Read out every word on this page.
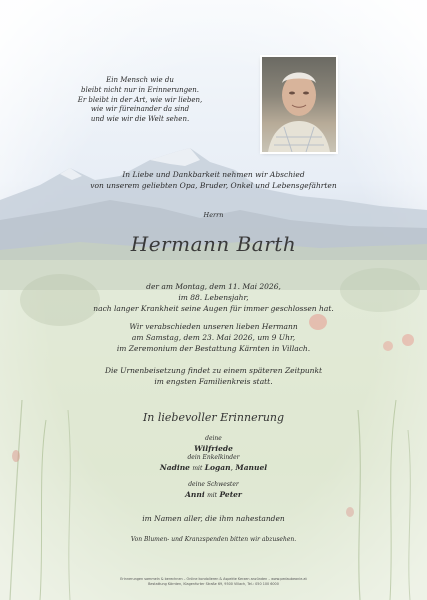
Ein Mensch wie du
bleibt nicht nur in Erinnerungen.
Er bleibt in der Art, wie wir lieben,
wie wir füreinander da sind
und wie wir die Welt sehen.
In Liebe und Dankbarkeit nehmen wir Abschied
von unserem geliebten Opa, Bruder, Onkel und Lebensgefährten
Herrn
Hermann Barth
der am Montag, dem 11. Mai 2026,
im 88. Lebensjahr,
nach langer Krankheit seine Augen für immer geschlossen hat.
Wir verabschieden unseren lieben Hermann
am Samstag, dem 23. Mai 2026, um 9 Uhr,
im Zeremonium der Bestattung Kärnten in Villach.
Die Urnenbeisetzung findet zu einem späteren Zeitpunkt
im engsten Familienkreis statt.
In liebevoller Erinnerung
deine
Wilfriede
dein Enkelkinder
Nadine mit Logan, Manuel
deine Schwester
Anni mit Peter
im Namen aller, die ihm nahestanden
Von Blumen- und Kranzspenden bitten wir abzusehen.
Erinnerungen sammeln & berechnen – Online kondolieren & Aspekte Kerzen anzünden – www.pedaubeanie.at
Bestattung Kärnten, Klagenfurter Straße 69, 9500 Villach, Tel.: 050 100 6000
